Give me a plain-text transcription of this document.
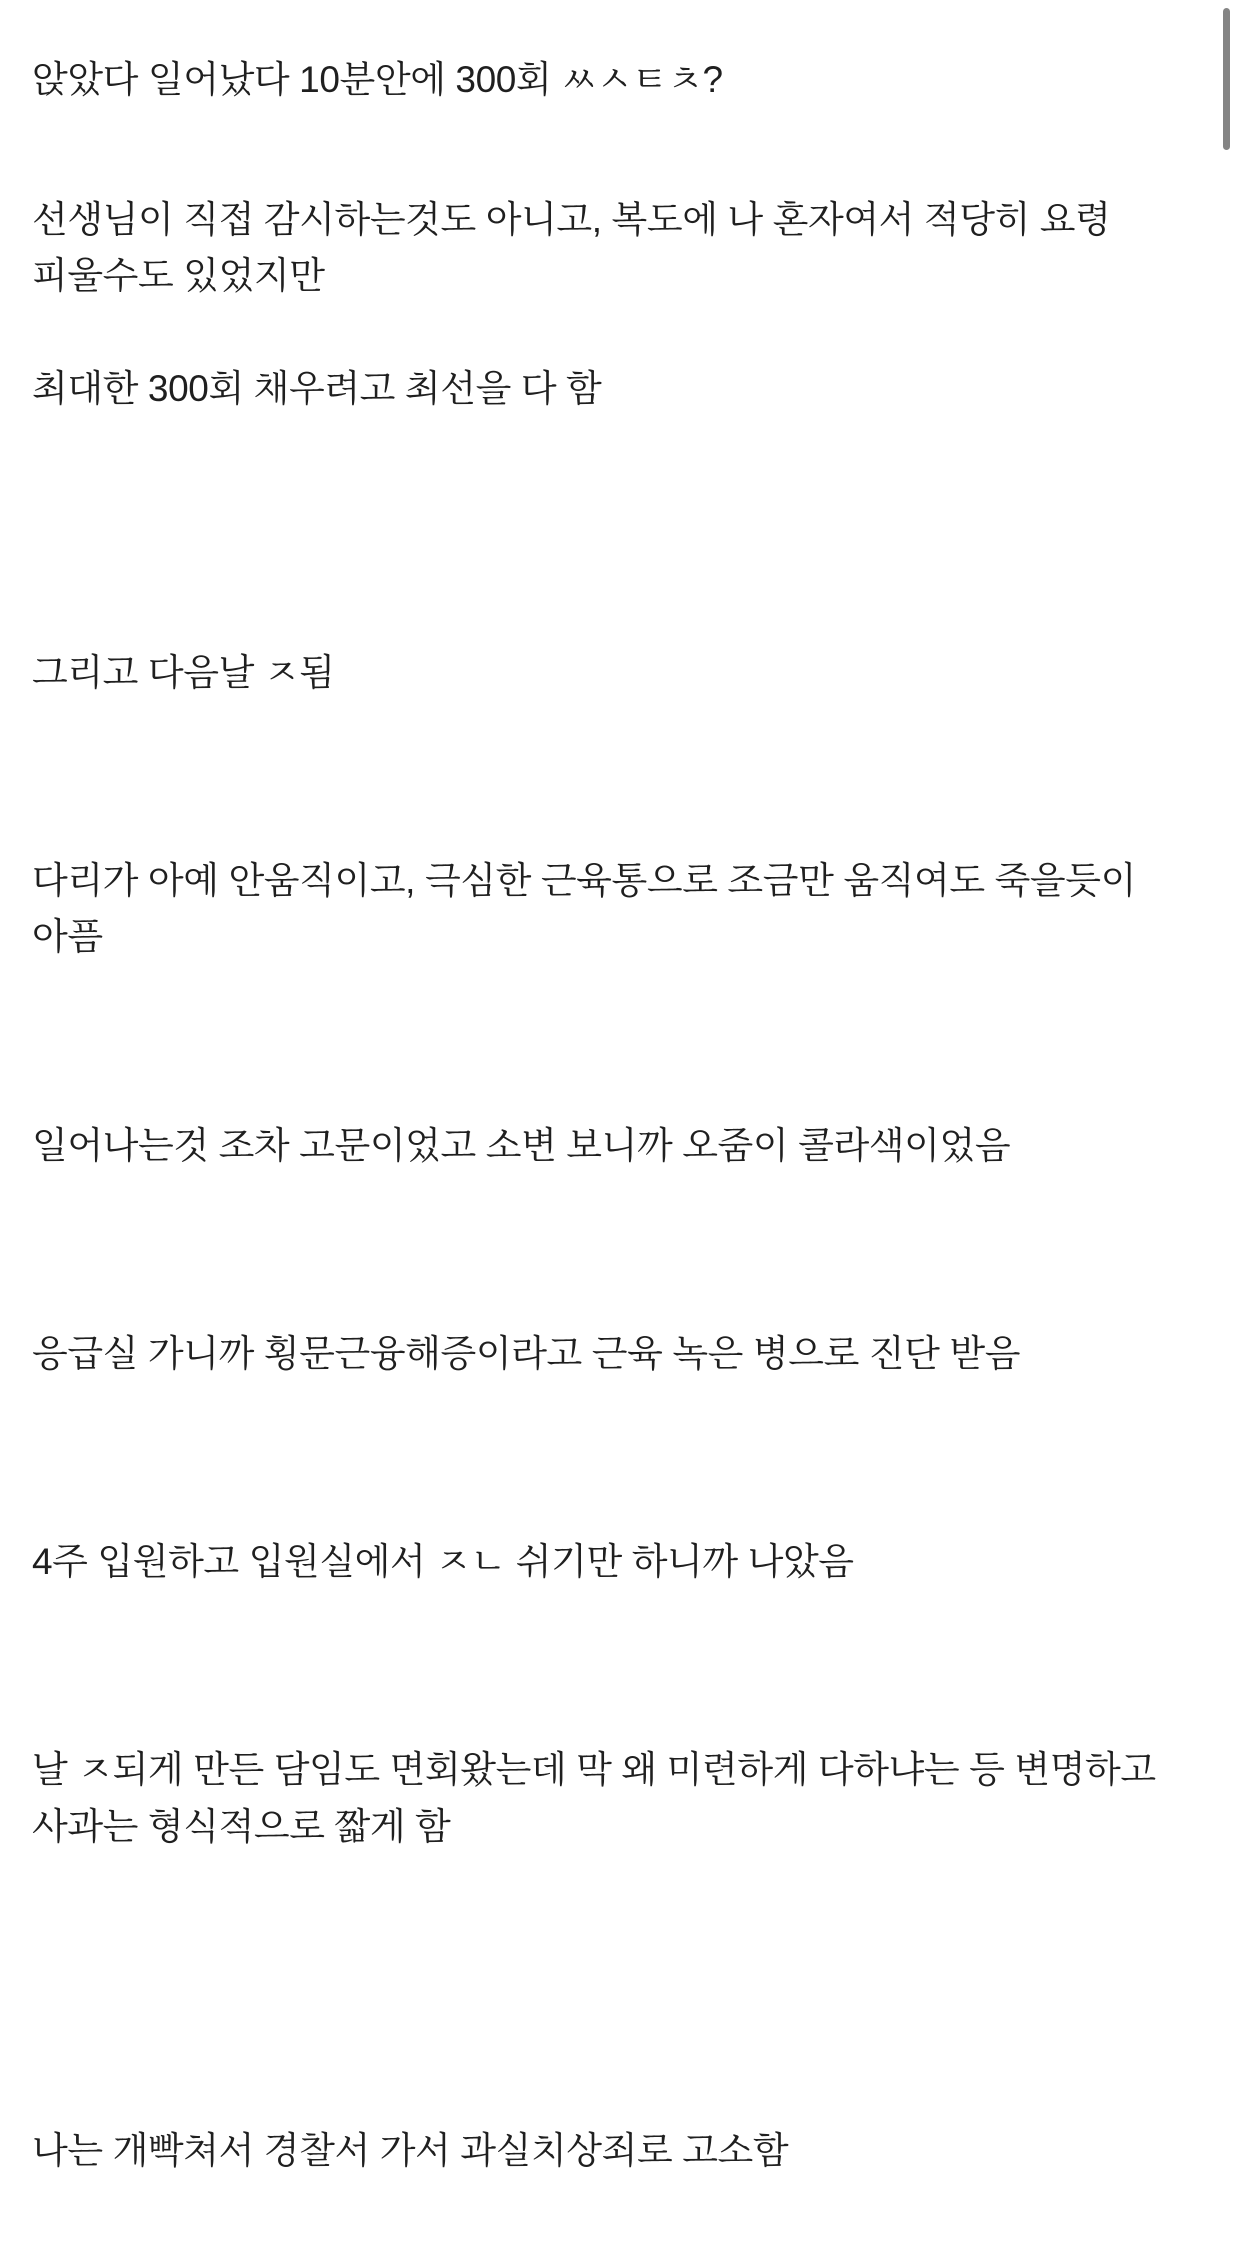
앉았다 일어났다 10분안에 300회 ㅆㅅㅌㅊ?

선생님이 직접 감시하는것도 아니고, 복도에 나 혼자여서 적당히 요령 피울수도 있었지만

최대한 300회 채우려고 최선을 다 함

그리고 다음날 ㅈ됨

다리가 아예 안움직이고, 극심한 근육통으로 조금만 움직여도 죽을듯이 아픔

일어나는것 조차 고문이었고 소변 보니까 오줌이 콜라색이었음

응급실 가니까 횡문근융해증이라고 근육 녹은 병으로 진단 받음

4주 입원하고 입원실에서 ㅈㄴ 쉬기만 하니까 나았음

날 ㅈ되게 만든 담임도 면회왔는데 막 왜 미련하게 다하냐는 등 변명하고 사과는 형식적으로 짧게 함

나는 개빡쳐서 경찰서 가서 과실치상죄로 고소함
